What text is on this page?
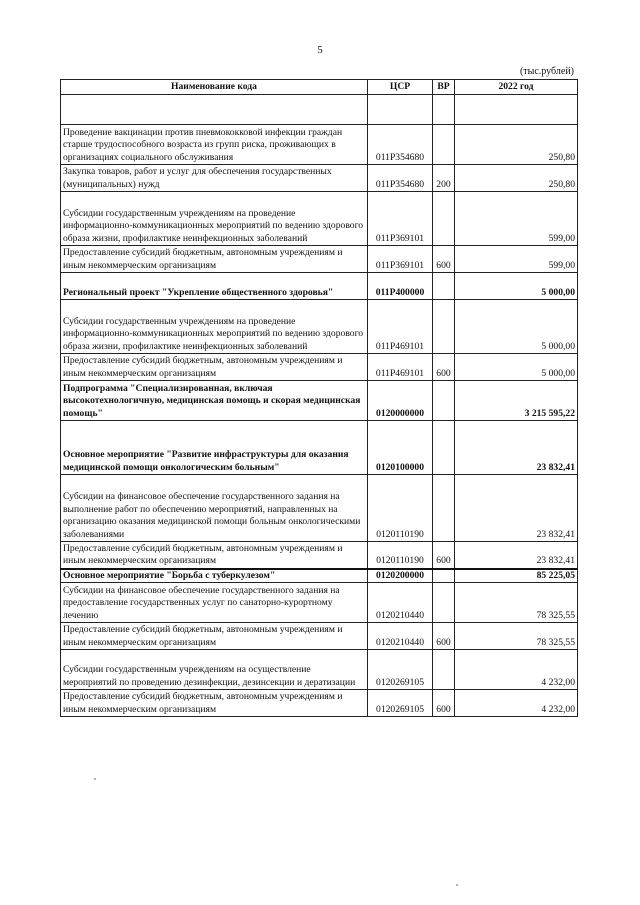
5
(тыс.рублей)
Наименование кода	ЦСР	ВР	2022 год

Проведение вакцинации против пневмококковой инфекции граждан старше трудоспособного возраста из групп риска, проживающих в организациях социального обслуживания	011P354680		250,80
Закупка товаров, работ и услуг для обеспечения государственных (муниципальных) нужд	011P354680	200	250,80
Субсидии государственным учреждениям на проведение информационно-коммуникационных мероприятий по ведению здорового образа жизни, профилактике неинфекционных заболеваний	011P369101		599,00
Предоставление субсидий бюджетным, автономным учреждениям и иным некоммерческим организациям	011P369101	600	599,00
Региональный проект "Укрепление общественного здоровья"	011P400000		5 000,00
Субсидии государственным учреждениям на проведение информационно-коммуникационных мероприятий по ведению здорового образа жизни, профилактике неинфекционных заболеваний	011P469101		5 000,00
Предоставление субсидий бюджетным, автономным учреждениям и иным некоммерческим организациям	011P469101	600	5 000,00
Подпрограмма "Специализированная, включая высокотехнологичную, медицинская помощь и скорая медицинская помощь"	0120000000		3 215 595,22
Основное мероприятие "Развитие инфраструктуры для оказания медицинской помощи онкологическим больным"	0120100000		23 832,41
Субсидии на финансовое обеспечение государственного задания на выполнение работ по обеспечению мероприятий, направленных на организацию оказания медицинской помощи больным онкологическими заболеваниями	0120110190		23 832,41
Предоставление субсидий бюджетным, автономным учреждениям и иным некоммерческим организациям	0120110190	600	23 832,41
Основное мероприятие "Борьба с туберкулезом"	0120200000		85 225,05
Субсидии на финансовое обеспечение государственного задания на предоставление государственных услуг по санаторно-курортному лечению	0120210440		78 325,55
Предоставление субсидий бюджетным, автономным учреждениям и иным некоммерческим организациям	0120210440	600	78 325,55
Субсидии государственным учреждениям на осуществление мероприятий по проведению дезинфекции, дезинсекции и дератизации	0120269105		4 232,00
Предоставление субсидий бюджетным, автономным учреждениям и иным некоммерческим организациям	0120269105	600	4 232,00
